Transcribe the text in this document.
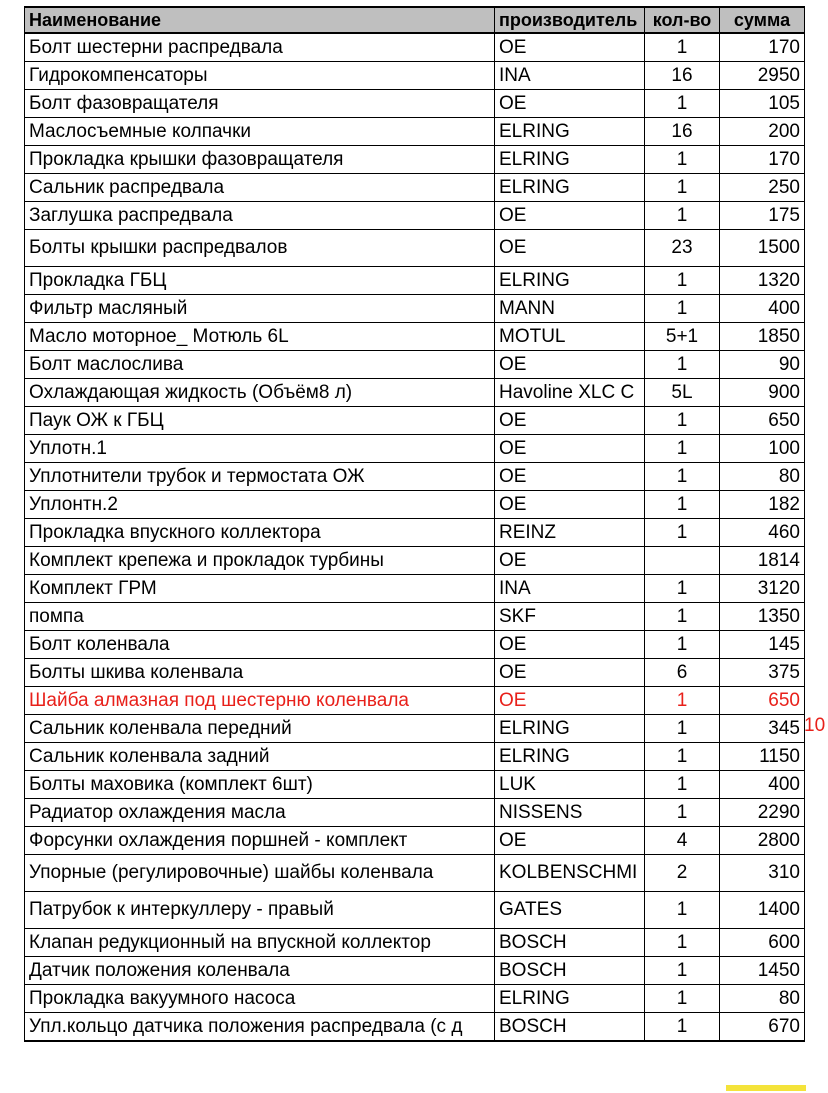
Наименование	производитель	кол-во	сумма
Болт шестерни распредвала	OE	1	170
Гидрокомпенсаторы	INA	16	2950
Болт фазовращателя	OE	1	105
Маслосъемные колпачки	ELRING	16	200
Прокладка крышки фазовращателя	ELRING	1	170
Сальник распредвала	ELRING	1	250
Заглушка распредвала	OE	1	175
Болты крышки распредвалов	OE	23	1500
Прокладка ГБЦ	ELRING	1	1320
Фильтр масляный	MANN	1	400
Масло моторное_ Мотюль 6L	MOTUL	5+1	1850
Болт маслослива	OE	1	90
Охлаждающая жидкость (Объём8 л)	Havoline XLC C	5L	900
Паук ОЖ к ГБЦ	OE	1	650
Уплотн.1	OE	1	100
Уплотнители трубок и термостата ОЖ	OE	1	80
Уплонтн.2	OE	1	182
Прокладка впускного коллектора	REINZ	1	460
Комплект крепежа и прокладок турбины	OE		1814
Комплект ГРМ	INA	1	3120
помпа	SKF	1	1350
Болт коленвала	OE	1	145
Болты шкива коленвала	OE	6	375
Шайба алмазная под шестерню коленвала	OE	1	650
Сальник коленвала передний	ELRING	1	345
Сальник коленвала задний	ELRING	1	1150
Болты маховика (комплект 6шт)	LUK	1	400
Радиатор охлаждения масла	NISSENS	1	2290
Форсунки охлаждения поршней - комплект	OE	4	2800
Упорные (регулировочные) шайбы коленвала	KOLBENSCHMI	2	310
Патрубок к интеркуллеру - правый	GATES	1	1400
Клапан редукционный на впускной коллектор	BOSCH	1	600
Датчик положения коленвала	BOSCH	1	1450
Прокладка вакуумного насоса	ELRING	1	80
Упл.кольцо датчика положения распредвала (с д	BOSCH	1	670
10
